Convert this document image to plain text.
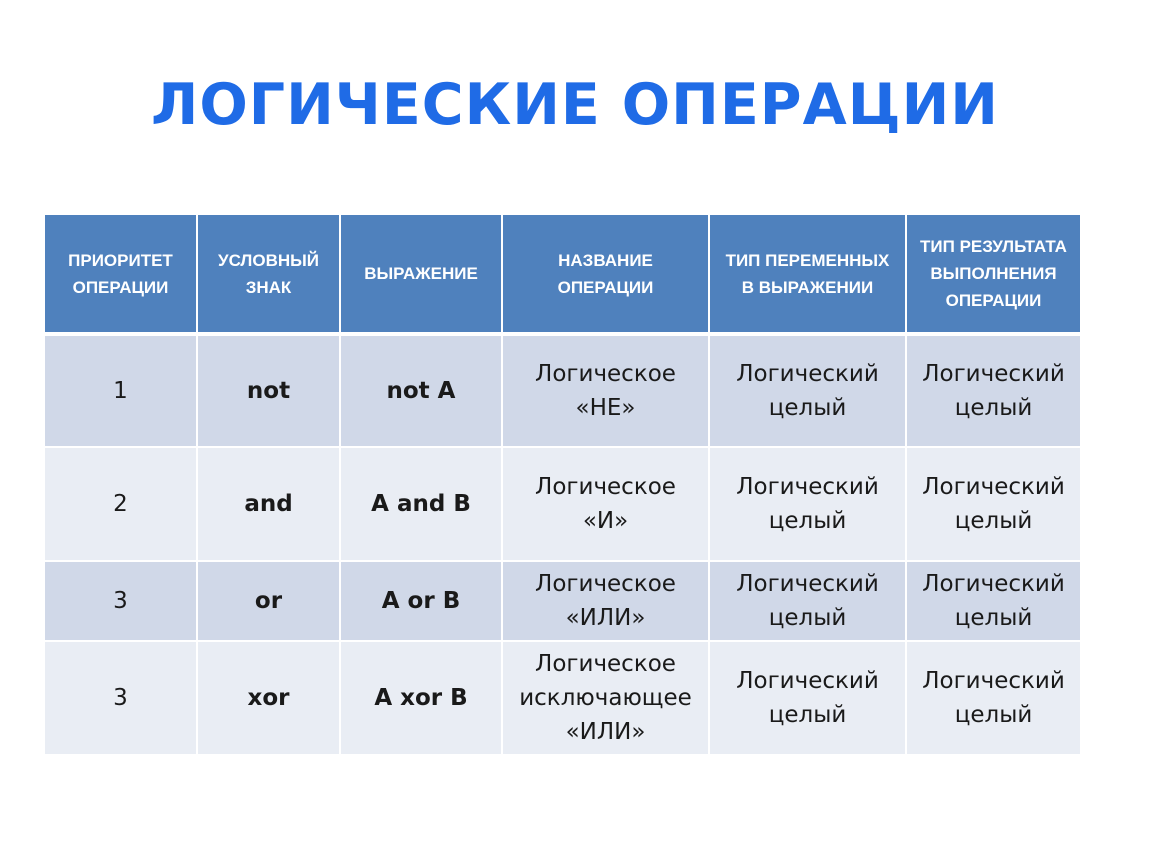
ЛОГИЧЕСКИЕ ОПЕРАЦИИ
ПРИОРИТЕТ ОПЕРАЦИИ	УСЛОВНЫЙ ЗНАК	ВЫРАЖЕНИЕ	НАЗВАНИЕ ОПЕРАЦИИ	ТИП ПЕРЕМЕННЫХ В ВЫРАЖЕНИИ	ТИП РЕЗУЛЬТАТА ВЫПОЛНЕНИЯ ОПЕРАЦИИ
1	not	not A	Логическое «НЕ»	Логический целый	Логический целый
2	and	A and B	Логическое «И»	Логический целый	Логический целый
3	or	A or B	Логическое «ИЛИ»	Логический целый	Логический целый
3	xor	A xor B	Логическое исключающее «ИЛИ»	Логический целый	Логический целый
